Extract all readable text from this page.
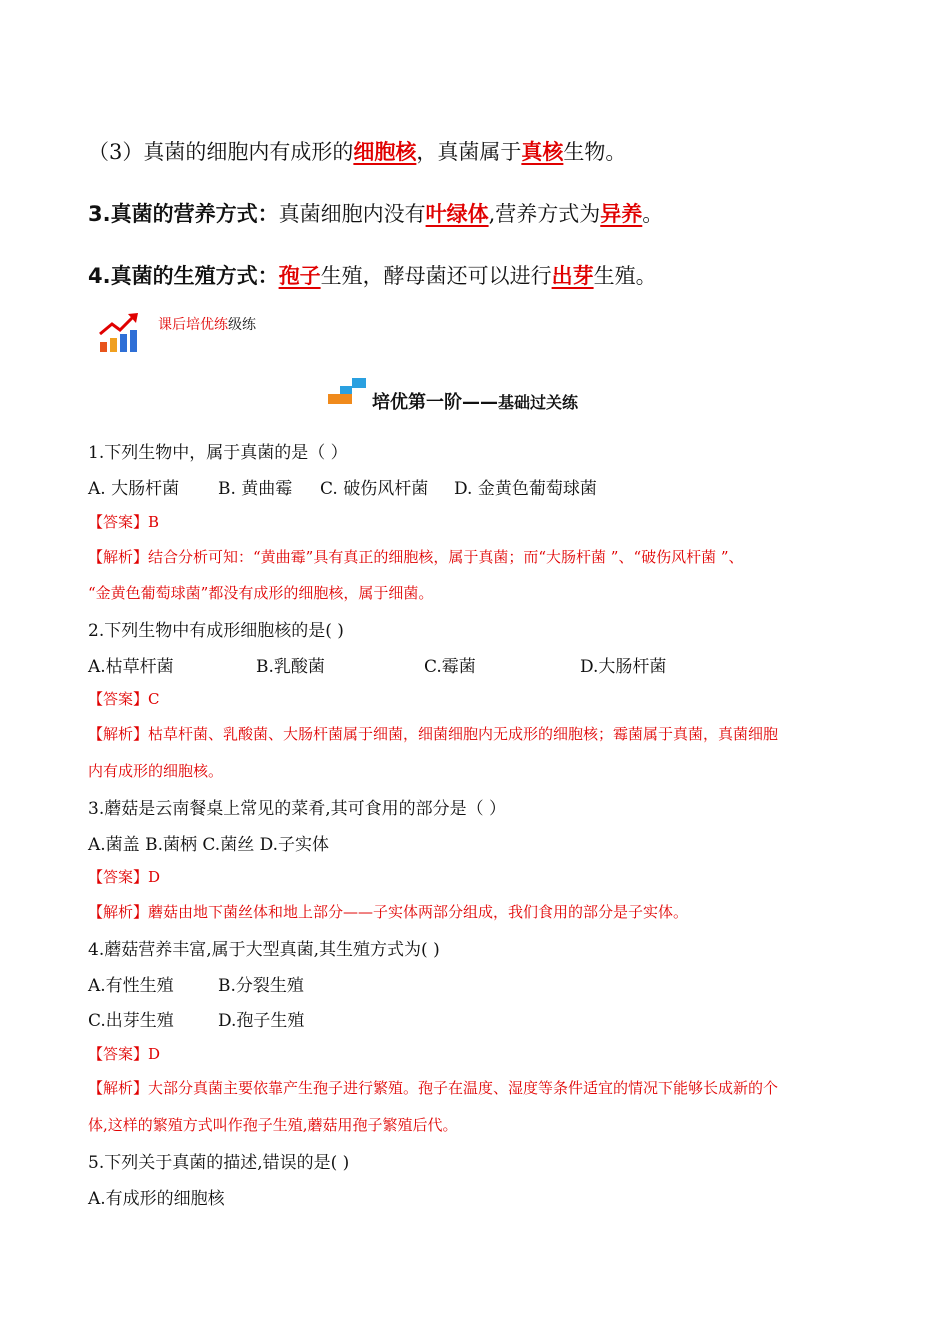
（3）真菌的细胞内有成形的细胞核，真菌属于真核生物。
3.真菌的营养方式：真菌细胞内没有叶绿体,营养方式为异养。
4.真菌的生殖方式：孢子生殖，酵母菌还可以进行出芽生殖。
课后培优练级练
培优第一阶——基础过关练
1.下列生物中，属于真菌的是（ ）
A. 大肠杆菌 B. 黄曲霉 C. 破伤风杆菌 D. 金黄色葡萄球菌
【答案】B
【解析】结合分析可知：“黄曲霉”具有真正的细胞核，属于真菌；而“大肠杆菌 ”、“破伤风杆菌 ”、
“金黄色葡萄球菌”都没有成形的细胞核，属于细菌。
2.下列生物中有成形细胞核的是( )
A.枯草杆菌	B.乳酸菌	C.霉菌	D.大肠杆菌
【答案】C
【解析】枯草杆菌、乳酸菌、大肠杆菌属于细菌，细菌细胞内无成形的细胞核；霉菌属于真菌，真菌细胞
内有成形的细胞核。
3.蘑菇是云南餐桌上常见的菜肴,其可食用的部分是（ ）
A.菌盖 B.菌柄 C.菌丝 D.子实体
【答案】D
【解析】蘑菇由地下菌丝体和地上部分——子实体两部分组成，我们食用的部分是子实体。
4.蘑菇营养丰富,属于大型真菌,其生殖方式为( )
A.有性生殖	B.分裂生殖
C.出芽生殖	D.孢子生殖
【答案】D
【解析】大部分真菌主要依靠产生孢子进行繁殖。孢子在温度、湿度等条件适宜的情况下能够长成新的个
体,这样的繁殖方式叫作孢子生殖,蘑菇用孢子繁殖后代。
5.下列关于真菌的描述,错误的是( )
A.有成形的细胞核
